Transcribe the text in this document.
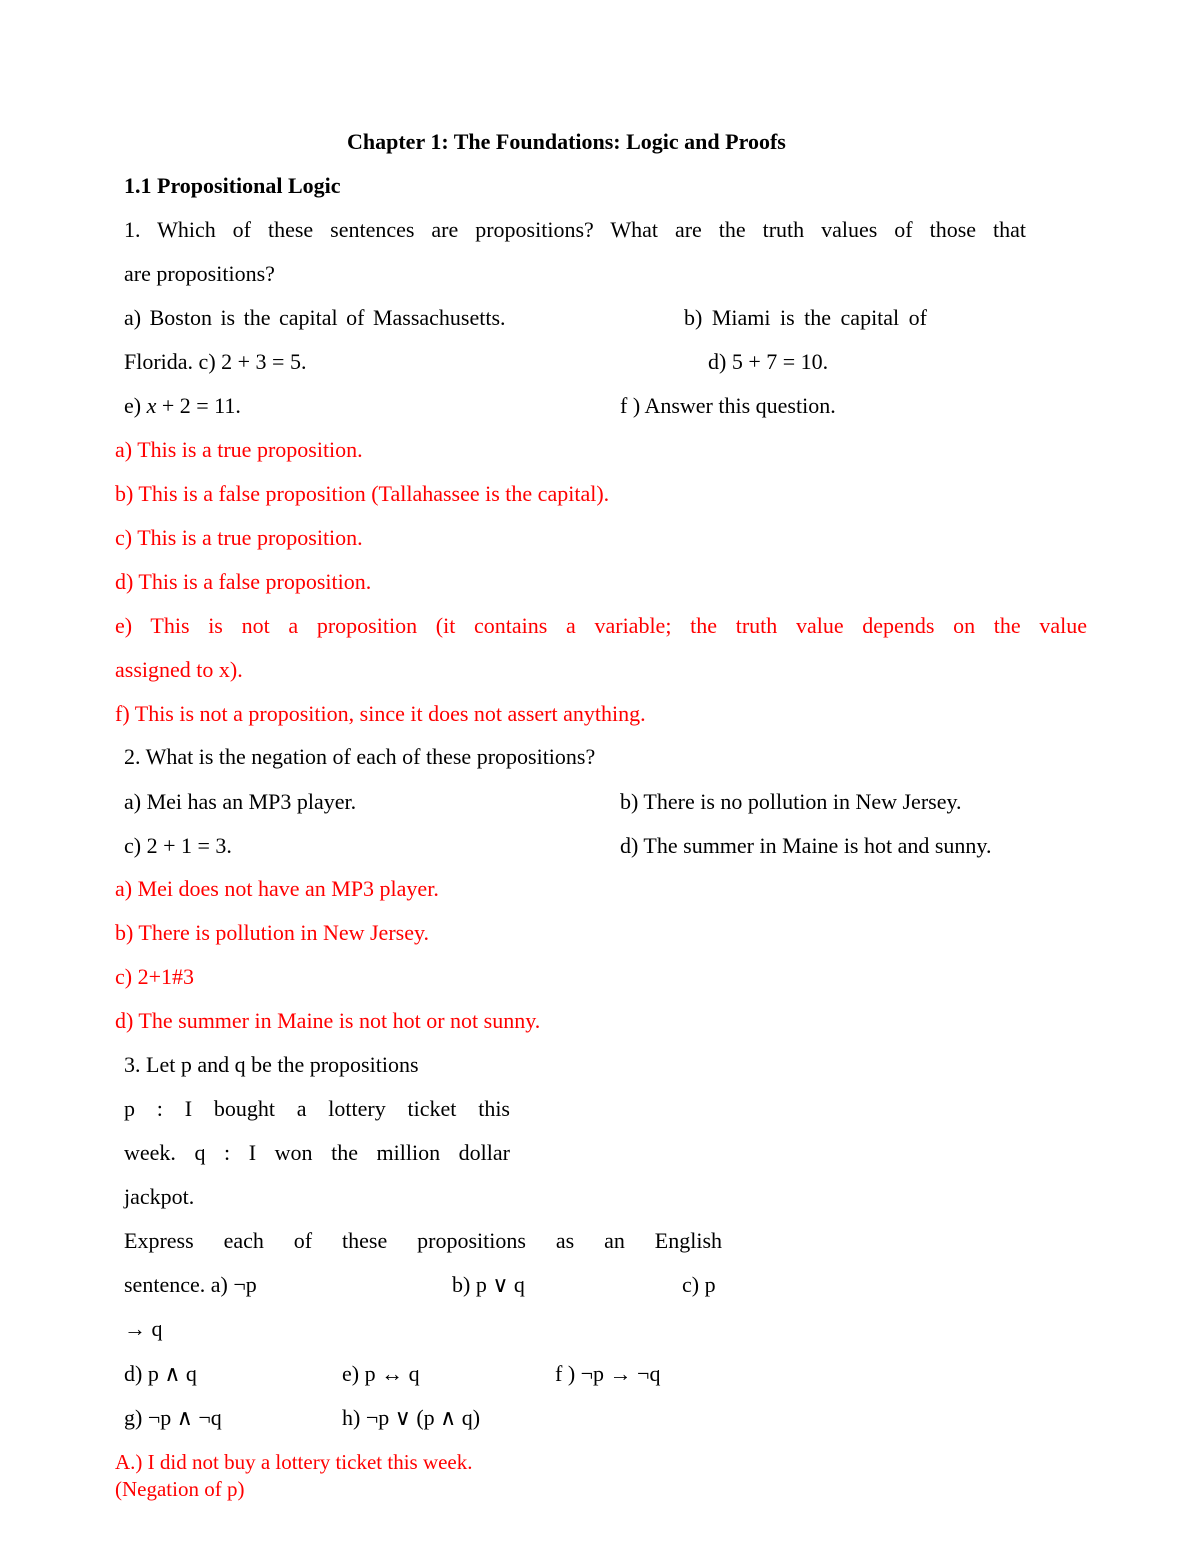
Chapter 1: The Foundations: Logic and Proofs
1.1 Propositional Logic
1. Which of these sentences are propositions? What are the truth values of those that
are propositions?
a) Boston is the capital of Massachusetts.	b) Miami is the capital of
Florida. c) 2 + 3 = 5.	d) 5 + 7 = 10.
e) x + 2 = 11.	f ) Answer this question.
a) This is a true proposition.
b) This is a false proposition (Tallahassee is the capital).
c) This is a true proposition.
d) This is a false proposition.
e) This is not a proposition (it contains a variable; the truth value depends on the value
assigned to x).
f) This is not a proposition, since it does not assert anything.
2. What is the negation of each of these propositions?
a) Mei has an MP3 player.	b) There is no pollution in New Jersey.
c) 2 + 1 = 3.	d) The summer in Maine is hot and sunny.
a) Mei does not have an MP3 player.
b) There is pollution in New Jersey.
c) 2+1#3
d) The summer in Maine is not hot or not sunny.
3. Let p and q be the propositions
p : I bought a lottery ticket this
week. q : I won the million dollar
jackpot.
Express each of these propositions as an English
sentence. a) ¬p	b) p ∨ q	c) p
→ q
d) p ∧ q	e) p ↔ q	f ) ¬p → ¬q
g) ¬p ∧ ¬q	h) ¬p ∨ (p ∧ q)
A.) I did not buy a lottery ticket this week.
(Negation of p)
